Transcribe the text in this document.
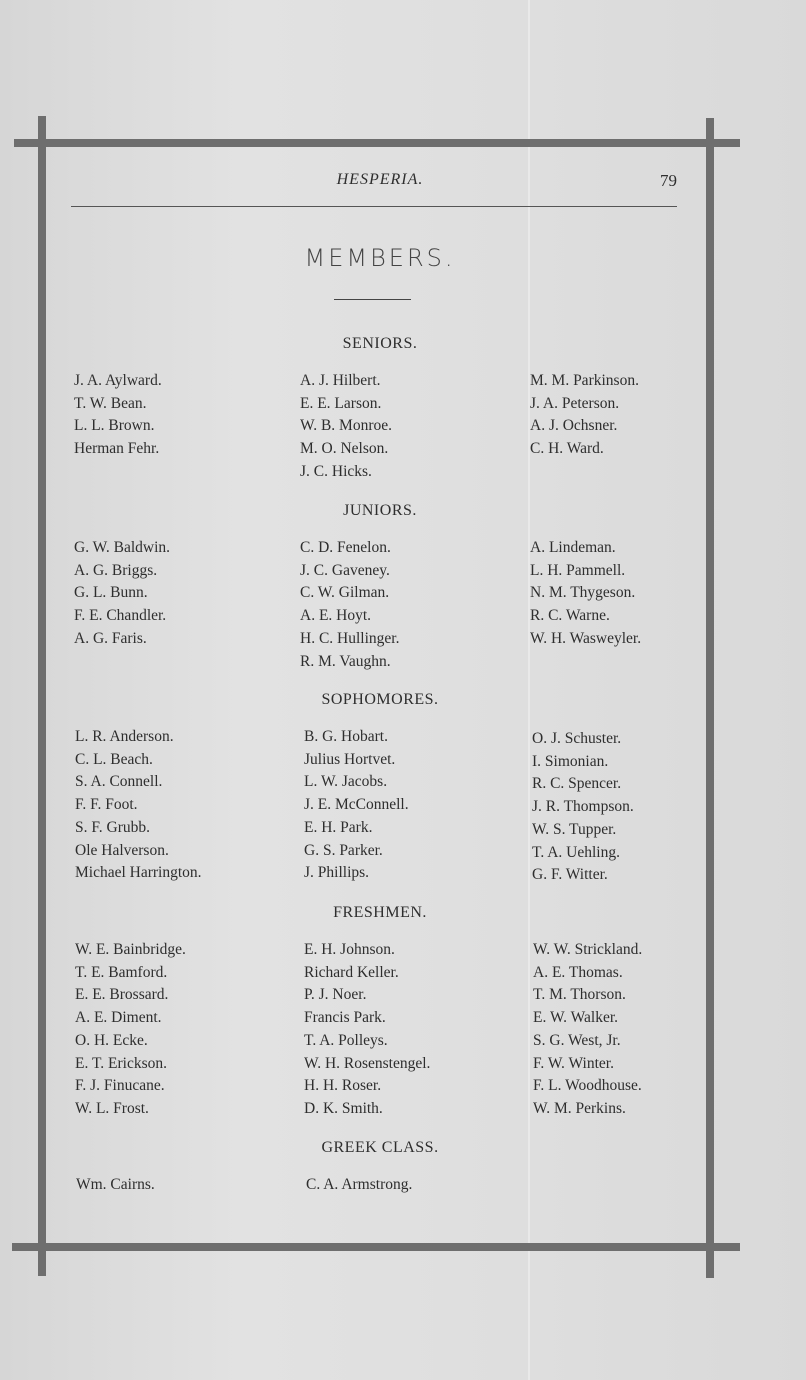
HESPERIA.	79
MEMBERS.
SENIORS.
J. A. Aylward.
T. W. Bean.
L. L. Brown.
Herman Fehr.
A. J. Hilbert.
E. E. Larson.
W. B. Monroe.
M. O. Nelson.
J. C. Hicks.
M. M. Parkinson.
J. A. Peterson.
A. J. Ochsner.
C. H. Ward.
JUNIORS.
G. W. Baldwin.
A. G. Briggs.
G. L. Bunn.
F. E. Chandler.
A. G. Faris.
C. D. Fenelon.
J. C. Gaveney.
C. W. Gilman.
A. E. Hoyt.
H. C. Hullinger.
R. M. Vaughn.
A. Lindeman.
L. H. Pammell.
N. M. Thygeson.
R. C. Warne.
W. H. Wasweyler.
SOPHOMORES.
L. R. Anderson.
C. L. Beach.
S. A. Connell.
F. F. Foot.
S. F. Grubb.
Ole Halverson.
Michael Harrington.
B. G. Hobart.
Julius Hortvet.
L. W. Jacobs.
J. E. McConnell.
E. H. Park.
G. S. Parker.
J. Phillips.
O. J. Schuster.
I. Simonian.
R. C. Spencer.
J. R. Thompson.
W. S. Tupper.
T. A. Uehling.
G. F. Witter.
FRESHMEN.
W. E. Bainbridge.
T. E. Bamford.
E. E. Brossard.
A. E. Diment.
O. H. Ecke.
E. T. Erickson.
F. J. Finucane.
W. L. Frost.
E. H. Johnson.
Richard Keller.
P. J. Noer.
Francis Park.
T. A. Polleys.
W. H. Rosenstengel.
H. H. Roser.
D. K. Smith.
W. W. Strickland.
A. E. Thomas.
T. M. Thorson.
E. W. Walker.
S. G. West, Jr.
F. W. Winter.
F. L. Woodhouse.
W. M. Perkins.
GREEK CLASS.
Wm. Cairns.	C. A. Armstrong.
